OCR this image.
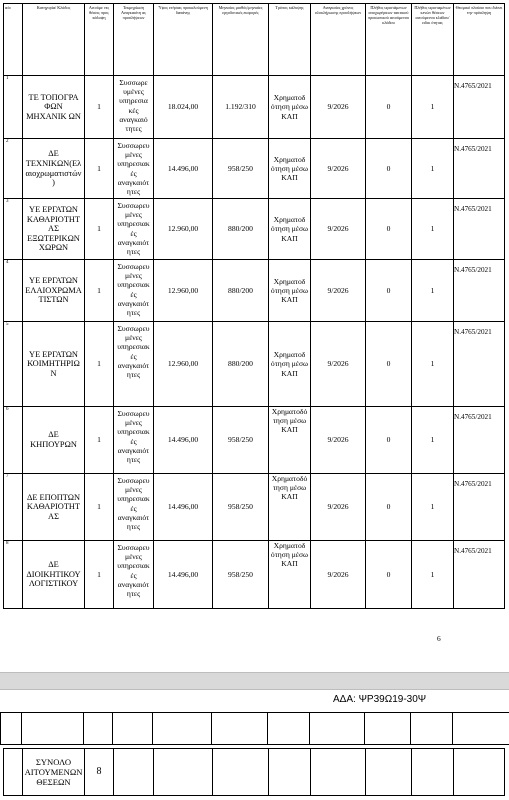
α/α	Κατηγορία/ Κλάδος	Αιτούμε νες θέσεις προς κάλυψη	Τεκμηρίωση Αναγκαιότη ας προσλήψεων	Ύψος ετήσιας προκαλούμενη δαπάνης	Μηνιαίος μισθός/μηνιαίες εργοδοτικές εισφορές	Τρόπος κάλυψης	Αναγκαίος χρόνος ολοκλήρωσης προσλήψεων	Πλήθος υφιστάμενων αποχωρήσεων τακτικού προσωπικού αιτούμενου κλάδου	Πλήθος υφισταμένων κενών θέσεων αιτούμενου κλάδου/ειδικ ότητας	Θεσμικό πλαίσιο που διέπει την πρόσληψη
1	ΤΕ ΤΟΠΟΓΡΑ ΦΩΝ ΜΗΧΑΝΙΚ ΩΝ	1	Συσσωρε υμένες υπηρεσια κές αναγκαιό τητες	18.024,00	1.192/310	Χρηματοδ ότηση μέσω ΚΑΠ	9/2026	0	1	Ν.4765/2021
2	ΔΕ ΤΕΧΝΙΚΩΝ(Ελ αιοχρωματιστών )	1	Συσσωρευ μένες υπηρεσιακ ές αναγκαιότ ητες	14.496,00	958/250	Χρηματοδ ότηση μέσω ΚΑΠ	9/2026	0	1	Ν.4765/2021
3	ΥΕ ΕΡΓΑΤΩΝ ΚΑΘΑΡΙΟΤΗΤ ΑΣ ΕΞΩΤΕΡΙΚΩΝ ΧΩΡΩΝ	1	Συσσωρευ μένες υπηρεσιακ ές αναγκαιότ ητες	12.960,00	880/200	Χρηματοδ ότηση μέσω ΚΑΠ	9/2026	0	1	Ν.4765/2021
4	ΥΕ ΕΡΓΑΤΩΝ ΕΛΑΙΟΧΡΩΜΑ ΤΙΣΤΩΝ	1	Συσσωρευ μένες υπηρεσιακ ές αναγκαιότ ητες	12.960,00	880/200	Χρηματοδ ότηση μέσω ΚΑΠ	9/2026	0	1	Ν.4765/2021
5	ΥΕ ΕΡΓΑΤΩΝ ΚΟΙΜΗΤΗΡΙΩ Ν	1	Συσσωρευ μένες υπηρεσιακ ές αναγκαιότ ητες	12.960,00	880/200	Χρηματοδ ότηση μέσω ΚΑΠ	9/2026	0	1	Ν.4765/2021
6	ΔΕ ΚΗΠΟΥΡΩΝ	1	Συσσωρευ μένες υπηρεσιακ ές αναγκαιότ ητες	14.496,00	958/250	Χρηματοδό τηση μέσω ΚΑΠ	9/2026	0	1	Ν.4765/2021
7	ΔΕ ΕΠΟΠΤΩΝ ΚΑΘΑΡΙΟΤΗΤ ΑΣ	1	Συσσωρευ μένες υπηρεσιακ ές αναγκαιότ ητες	14.496,00	958/250	Χρηματοδό τηση μέσω ΚΑΠ	9/2026	0	1	Ν.4765/2021
8	ΔΕ ΔΙΟΙΚΗΤΙΚΟΥ ΛΟΓΙΣΤΙΚΟΥ	1	Συσσωρευ μένες υπηρεσιακ ές αναγκαιότ ητες	14.496,00	958/250	Χρηματοδ ότηση μέσω ΚΑΠ	9/2026	0	1	Ν.4765/2021
6
ΑΔΑ: ΨΡ39Ω19-30Ψ

	ΣΥΝΟΛΟ ΑΙΤΟΥΜΕΝΩΝ ΘΕΣΕΩΝ	8								
